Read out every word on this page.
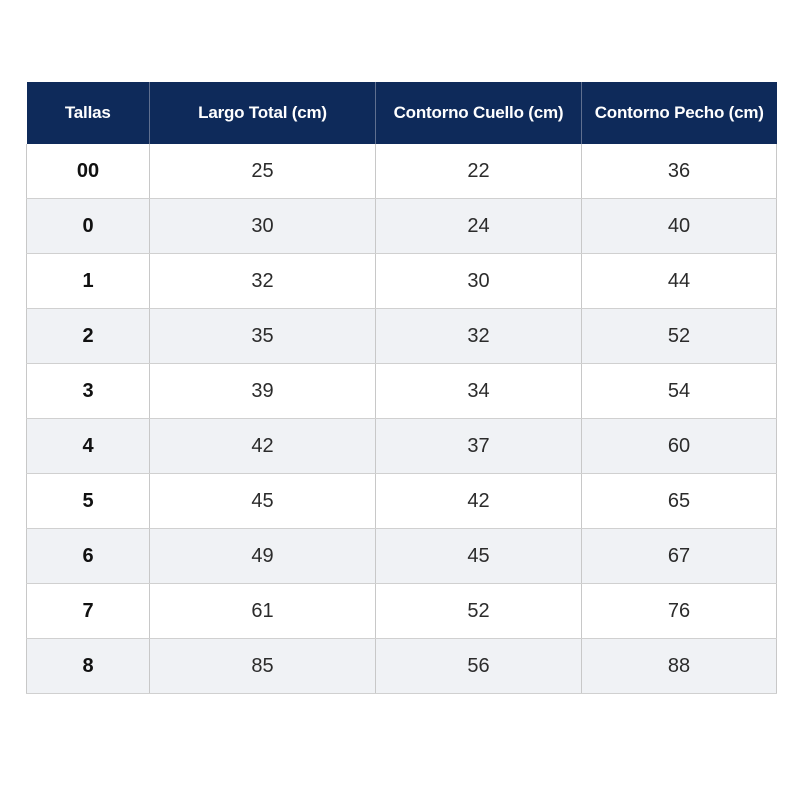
Tallas	Largo Total (cm)	Contorno Cuello (cm)	Contorno Pecho (cm)
00	25	22	36
0	30	24	40
1	32	30	44
2	35	32	52
3	39	34	54
4	42	37	60
5	45	42	65
6	49	45	67
7	61	52	76
8	85	56	88
